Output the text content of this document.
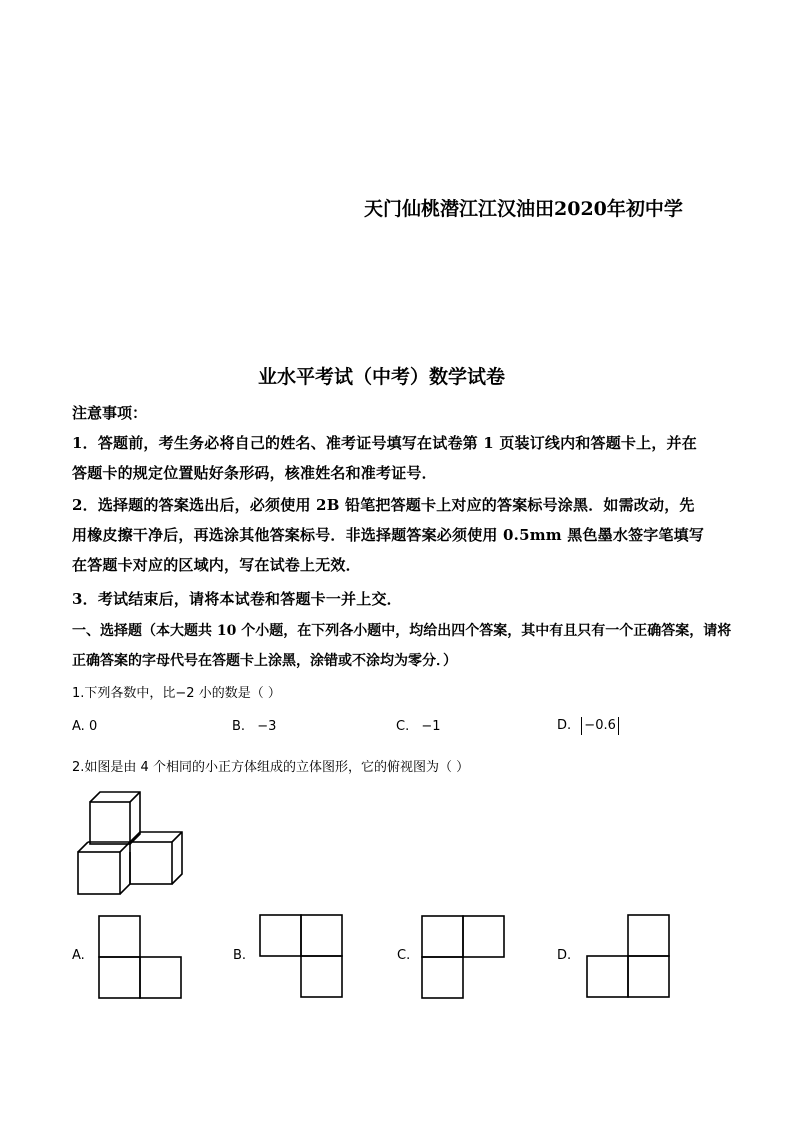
天门仙桃潜江江汉油田2020年初中学
业水平考试（中考）数学试卷
注意事项：
1．答题前，考生务必将自己的姓名、准考证号填写在试卷第 1 页装订线内和答题卡上，并在
答题卡的规定位置贴好条形码，核准姓名和准考证号．
2．选择题的答案选出后，必须使用 2B 铅笔把答题卡上对应的答案标号涂黑．如需改动，先
用橡皮擦干净后，再选涂其他答案标号．非选择题答案必须使用 0.5mm 黑色墨水签字笔填写
在答题卡对应的区域内，写在试卷上无效．
3．考试结束后，请将本试卷和答题卡一并上交．
一、选择题（本大题共 10 个小题，在下列各小题中，均给出四个答案，其中有且只有一个正确答案，请将
正确答案的字母代号在答题卡上涂黑，涂错或不涂均为零分．）
1.下列各数中，比−2 小的数是（ ）
A. 0	B. −3	C. −1	D. −0.6
2.如图是由 4 个相同的小正方体组成的立体图形，它的俯视图为（ ）
A.	B.	C.	D.
